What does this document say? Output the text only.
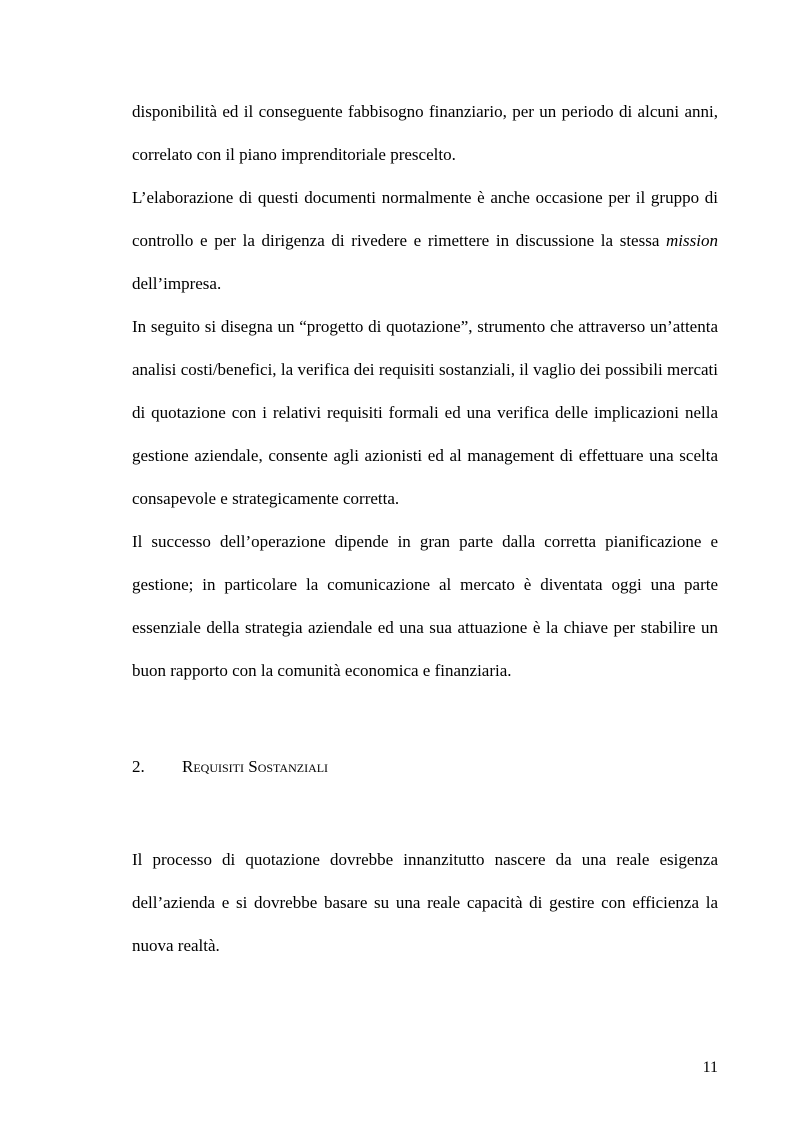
disponibilità ed il conseguente fabbisogno finanziario, per un periodo di alcuni anni, correlato con il piano imprenditoriale prescelto.

L’elaborazione di questi documenti normalmente è anche occasione per il gruppo di controllo e per la dirigenza di rivedere e rimettere in discussione la stessa mission dell’impresa.

In seguito si disegna un “progetto di quotazione”, strumento che attraverso un’attenta analisi costi/benefici, la verifica dei requisiti sostanziali, il vaglio dei possibili mercati di quotazione con i relativi requisiti formali ed una verifica delle implicazioni nella gestione aziendale, consente agli azionisti ed al management di effettuare una scelta consapevole e strategicamente corretta.

Il successo dell’operazione dipende in gran parte dalla corretta pianificazione e gestione; in particolare la comunicazione al mercato è diventata oggi una parte essenziale della strategia aziendale ed una sua attuazione è la chiave per stabilire un buon rapporto con la comunità economica e finanziaria.

2. Requisiti Sostanziali

Il processo di quotazione dovrebbe innanzitutto nascere da una reale esigenza dell’azienda e si dovrebbe basare su una reale capacità di gestire con efficienza la nuova realtà.

11
